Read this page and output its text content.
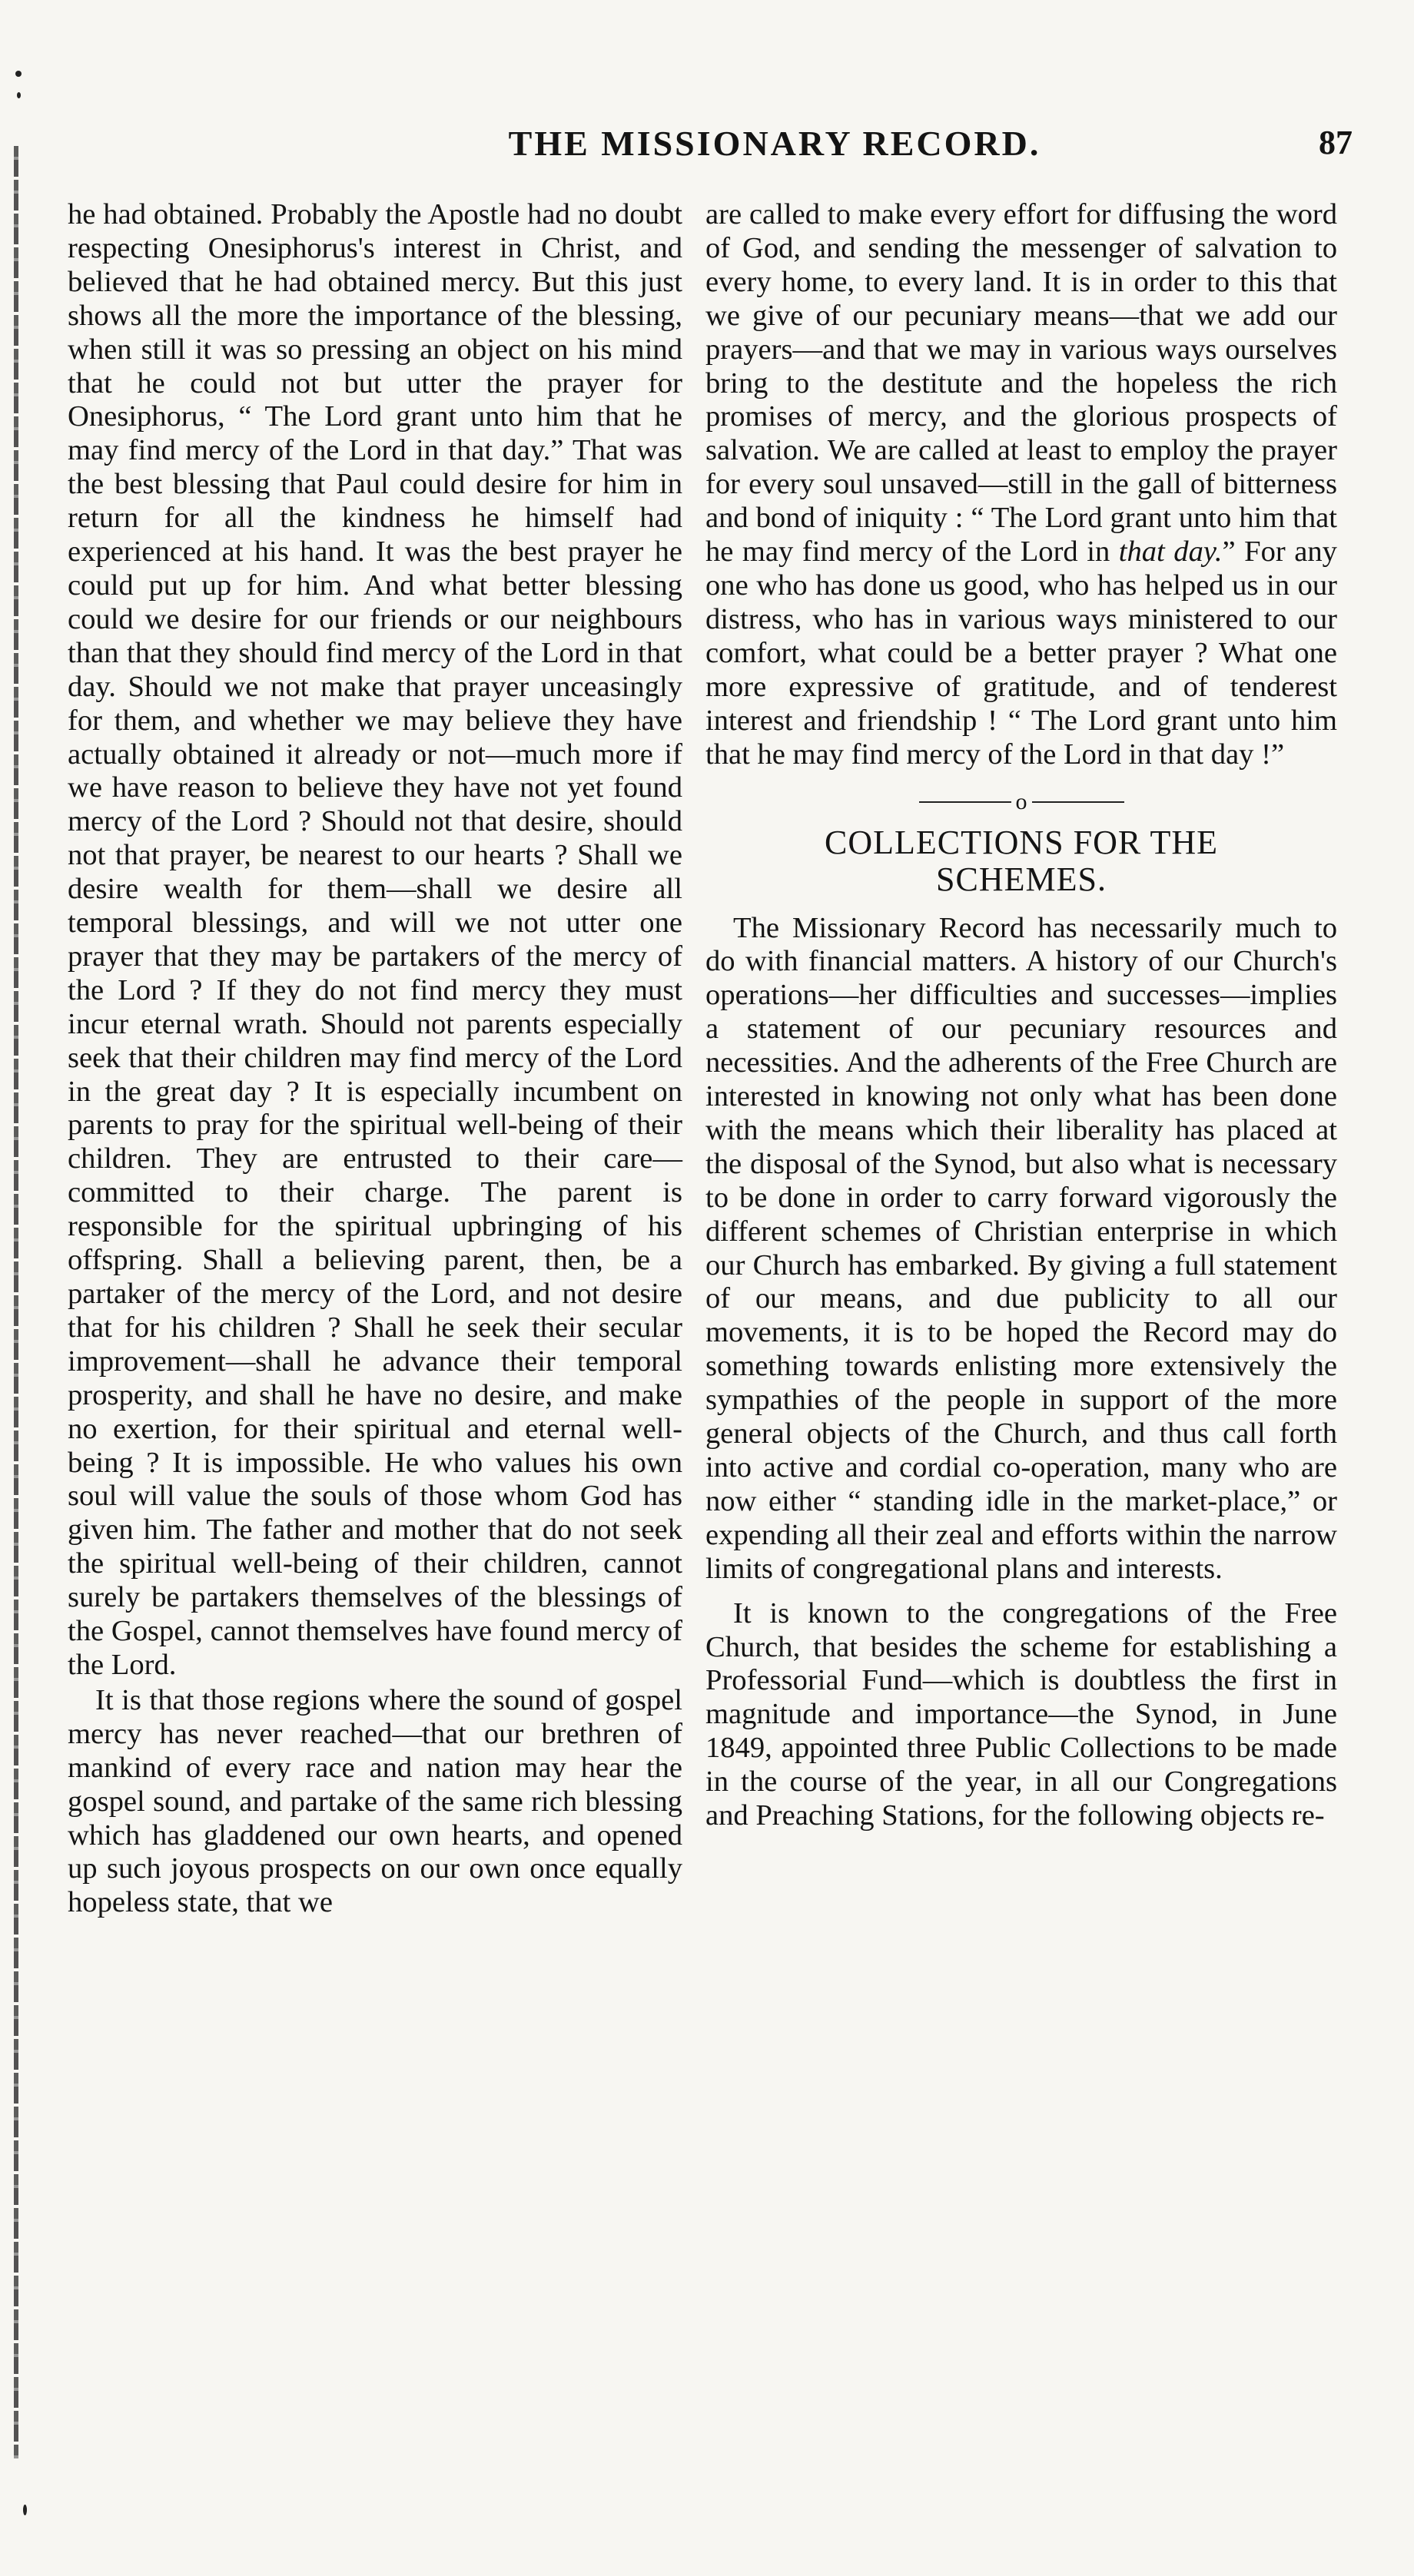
THE MISSIONARY RECORD.	87

he had obtained. Probably the Apostle had no doubt respecting Onesiphorus's interest in Christ, and believed that he had obtained mercy. But this just shows all the more the importance of the blessing, when still it was so pressing an object on his mind that he could not but utter the prayer for Onesiphorus, “ The Lord grant unto him that he may find mercy of the Lord in that day.” That was the best blessing that Paul could desire for him in return for all the kindness he himself had experienced at his hand. It was the best prayer he could put up for him. And what better blessing could we desire for our friends or our neighbours than that they should find mercy of the Lord in that day. Should we not make that prayer unceasingly for them, and whether we may believe they have actually obtained it already or not—much more if we have reason to believe they have not yet found mercy of the Lord ? Should not that desire, should not that prayer, be nearest to our hearts ? Shall we desire wealth for them—shall we desire all temporal blessings, and will we not utter one prayer that they may be partakers of the mercy of the Lord ? If they do not find mercy they must incur eternal wrath. Should not parents especially seek that their children may find mercy of the Lord in the great day ? It is especially incumbent on parents to pray for the spiritual well-being of their children. They are entrusted to their care—committed to their charge. The parent is responsible for the spiritual upbringing of his offspring. Shall a believing parent, then, be a partaker of the mercy of the Lord, and not desire that for his children ? Shall he seek their secular improvement—shall he advance their temporal prosperity, and shall he have no desire, and make no exertion, for their spiritual and eternal well-being ? It is impossible. He who values his own soul will value the souls of those whom God has given him. The father and mother that do not seek the spiritual well-being of their children, cannot surely be partakers themselves of the blessings of the Gospel, cannot themselves have found mercy of the Lord.

It is that those regions where the sound of gospel mercy has never reached—that our brethren of mankind of every race and nation may hear the gospel sound, and partake of the same rich blessing which has gladdened our own hearts, and opened up such joyous prospects on our own once equally hopeless state, that we

are called to make every effort for diffusing the word of God, and sending the messenger of salvation to every home, to every land. It is in order to this that we give of our pecuniary means—that we add our prayers—and that we may in various ways ourselves bring to the destitute and the hopeless the rich promises of mercy, and the glorious prospects of salvation. We are called at least to employ the prayer for every soul unsaved—still in the gall of bitterness and bond of iniquity : “ The Lord grant unto him that he may find mercy of the Lord in that day.” For any one who has done us good, who has helped us in our distress, who has in various ways ministered to our comfort, what could be a better prayer ? What one more expressive of gratitude, and of tenderest interest and friendship ! “ The Lord grant unto him that he may find mercy of the Lord in that day !”

o
COLLECTIONS FOR THE
SCHEMES.

The Missionary Record has necessarily much to do with financial matters. A history of our Church's operations—her difficulties and successes—implies a statement of our pecuniary resources and necessities. And the adherents of the Free Church are interested in knowing not only what has been done with the means which their liberality has placed at the disposal of the Synod, but also what is necessary to be done in order to carry forward vigorously the different schemes of Christian enterprise in which our Church has embarked. By giving a full statement of our means, and due publicity to all our movements, it is to be hoped the Record may do something towards enlisting more extensively the sympathies of the people in support of the more general objects of the Church, and thus call forth into active and cordial co-operation, many who are now either “ standing idle in the market-place,” or expending all their zeal and efforts within the narrow limits of congregational plans and interests.

It is known to the congregations of the Free Church, that besides the scheme for establishing a Professorial Fund—which is doubtless the first in magnitude and importance—the Synod, in June 1849, appointed three Public Collections to be made in the course of the year, in all our Congregations and Preaching Stations, for the following objects re-
